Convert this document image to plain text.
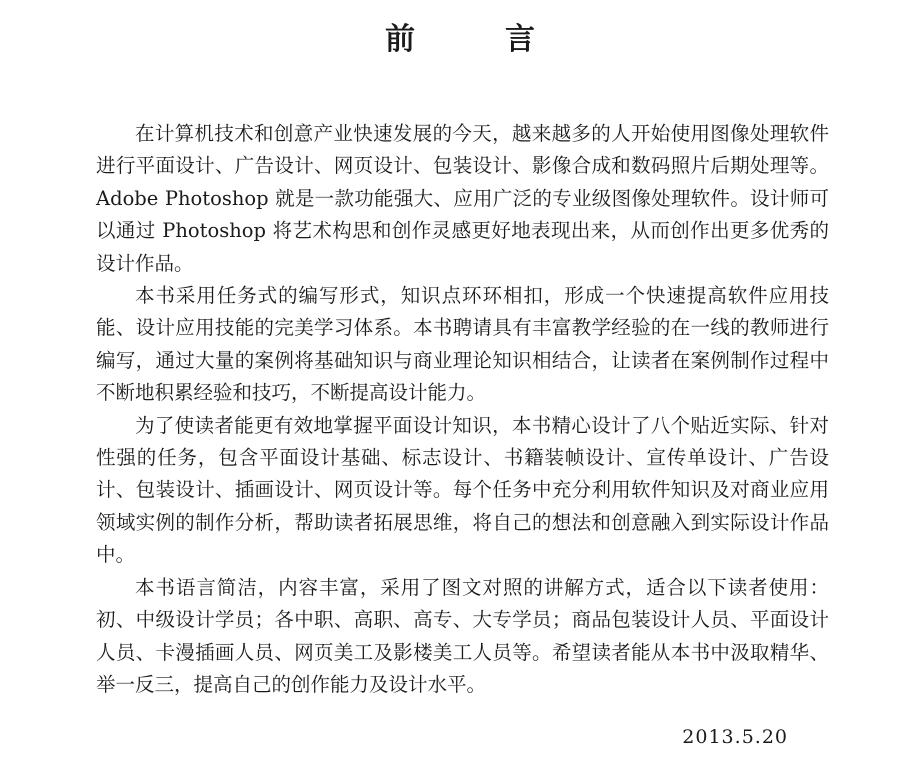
前　言

在计算机技术和创意产业快速发展的今天，越来越多的人开始使用图像处理软件进行平面设计、广告设计、网页设计、包装设计、影像合成和数码照片后期处理等。Adobe Photoshop 就是一款功能强大、应用广泛的专业级图像处理软件。设计师可以通过 Photoshop 将艺术构思和创作灵感更好地表现出来，从而创作出更多优秀的设计作品。

本书采用任务式的编写形式，知识点环环相扣，形成一个快速提高软件应用技能、设计应用技能的完美学习体系。本书聘请具有丰富教学经验的在一线的教师进行编写，通过大量的案例将基础知识与商业理论知识相结合，让读者在案例制作过程中不断地积累经验和技巧，不断提高设计能力。

为了使读者能更有效地掌握平面设计知识，本书精心设计了八个贴近实际、针对性强的任务，包含平面设计基础、标志设计、书籍装帧设计、宣传单设计、广告设计、包装设计、插画设计、网页设计等。每个任务中充分利用软件知识及对商业应用领域实例的制作分析，帮助读者拓展思维，将自己的想法和创意融入到实际设计作品中。

本书语言简洁，内容丰富，采用了图文对照的讲解方式，适合以下读者使用：初、中级设计学员；各中职、高职、高专、大专学员；商品包装设计人员、平面设计人员、卡漫插画人员、网页美工及影楼美工人员等。希望读者能从本书中汲取精华、举一反三，提高自己的创作能力及设计水平。

2013.5.20
